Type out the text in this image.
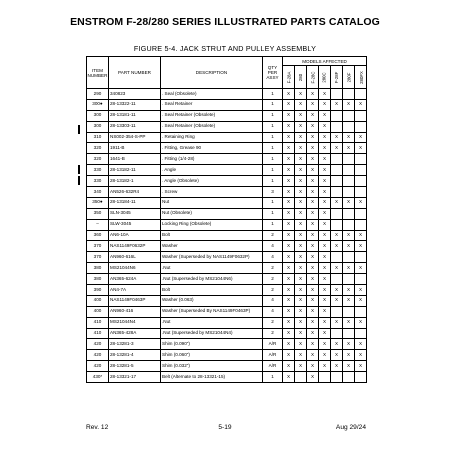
ENSTROM F-28/280 SERIES ILLUSTRATED PARTS CATALOG
FIGURE 5-4. JACK STRUT AND PULLEY ASSEMBLY
ITEM NUMBER	PART NUMBER	DESCRIPTION	QTY PER ASSY	MODELS AFFECTED						
				F-28A	280	F-28C	280C	F-28F	280F	280FX
290	340823	. Seal (Obsolete)	1	X	X	X	X			
300●	28-13322-11	. Seal Retainer	1	X	X	X	X	X	X	X
300	28-13181-11	. Seal Retainer (Obsolete)	1	X	X	X	X			
300	28-13303-11	. Seal Retainer (Obsolete)	1	X	X	X	X			
310	NS002-354-S-PP	. Retaining Ring	1	X	X	X	X	X	X	X
320	1911-B	. Fitting, Grease 90	1	X	X	X	X	X	X	X
320	1641-B	. Fitting (1/4-28)	1	X	X	X	X			
330	28-13182-11	. Angle	1	X	X	X	X			
330	28-13182-1	. Angle (Obsolete)	1	X	X	X	X			
340	AN526-632R4	. Screw	3	X	X	X	X			
350●	28-13184-11	Nut	1	X	X	X	X	X	X	X
350	SLN-3045	Nut (Obsolete)	1	X	X	X	X			
–	SLW-3045	Locking Ring (Obsolete)	1	X	X	X	X			
360	AN6-10A	Bolt	2	X	X	X	X	X	X	X
370	NAS1149F0632P	Washer	4	X	X	X	X	X	X	X
370	AN960-616L	Washer (Superseded by NAS1149F0632P)	4	X	X	X	X			
380	MS21044N6	.Nut	2	X	X	X	X	X	X	X
380	AN365-624A	.Nut (Superseded by MS21044N6)	2	X	X	X	X			
390	AN4-7A	Bolt	2	X	X	X	X	X	X	X
400	NAS1149F0463P	Washer (0.063)	4	X	X	X	X	X	X	X
400	AN960-416	Washer (Superseded By NAS1149F0463P)	4	X	X	X	X			
410	MS21044N4	.Nut	2	X	X	X	X	X	X	X
410	AN365-428A	.Nut (Superseded by MS21044N4)	2	X	X	X	X			
420	28-13281-3	Shim (0.090")	A/R	X	X	X	X	X	X	X
420	28-13281-4	Shim (0.060")	A/R	X	X	X	X	X	X	X
420	28-13281-5	Shim (0.032")	A/R	X	X	X	X	X	X	X
430*	28-13321-17	Belt (Alternate to 28-13321-15)	1	X		X				
Rev. 12	5-19	Aug 29/24
